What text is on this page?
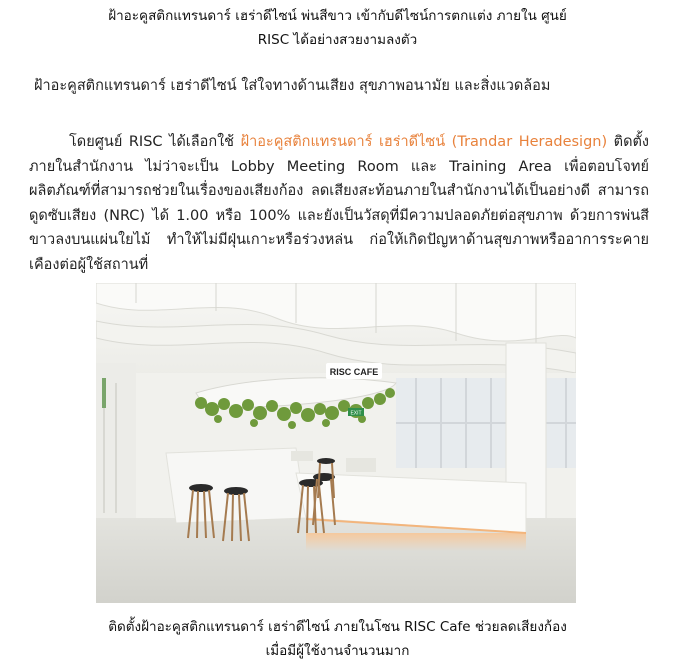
ฝ้าอะคูสติกแทรนดาร์ เฮร่าดีไซน์ พ่นสีขาว เข้ากับดีไซน์การตกแต่ง ภายใน ศูนย์
RISC ได้อย่างสวยงามลงตัว
ฝ้าอะคูสติกแทรนดาร์ เฮร่าดีไซน์ ใส่ใจทางด้านเสียง สุขภาพอนามัย และสิ่งแวดล้อม
โดยศูนย์ RISC ได้เลือกใช้ ฝ้าอะคูสติกแทรนดาร์ เฮร่าดีไซน์ (Trandar Heradesign) ติดตั้งภายในสำนักงาน ไม่ว่าจะเป็น Lobby Meeting Room และ Training Area เพื่อตอบโจทย์ผลิตภัณฑ์ที่สามารถช่วยในเรื่องของเสียงก้อง ลดเสียงสะท้อนภายในสำนักงานได้เป็นอย่างดี สามารถดูดซับเสียง (NRC) ได้ 1.00 หรือ 100% และยังเป็นวัสดุที่มีความปลอดภัยต่อสุขภาพ ด้วยการพ่นสีขาวลงบนแผ่นใยไม้ ทำให้ไม่มีฝุ่นเกาะหรือร่วงหล่น ก่อให้เกิดปัญหาด้านสุขภาพหรืออาการระคายเคืองต่อผู้ใช้สถานที่
RISC CAFE
EXIT
ติดตั้งฝ้าอะคูสติกแทรนดาร์ เฮร่าดีไซน์ ภายในโซน RISC Cafe ช่วยลดเสียงก้อง
เมื่อมีผู้ใช้งานจำนวนมาก
